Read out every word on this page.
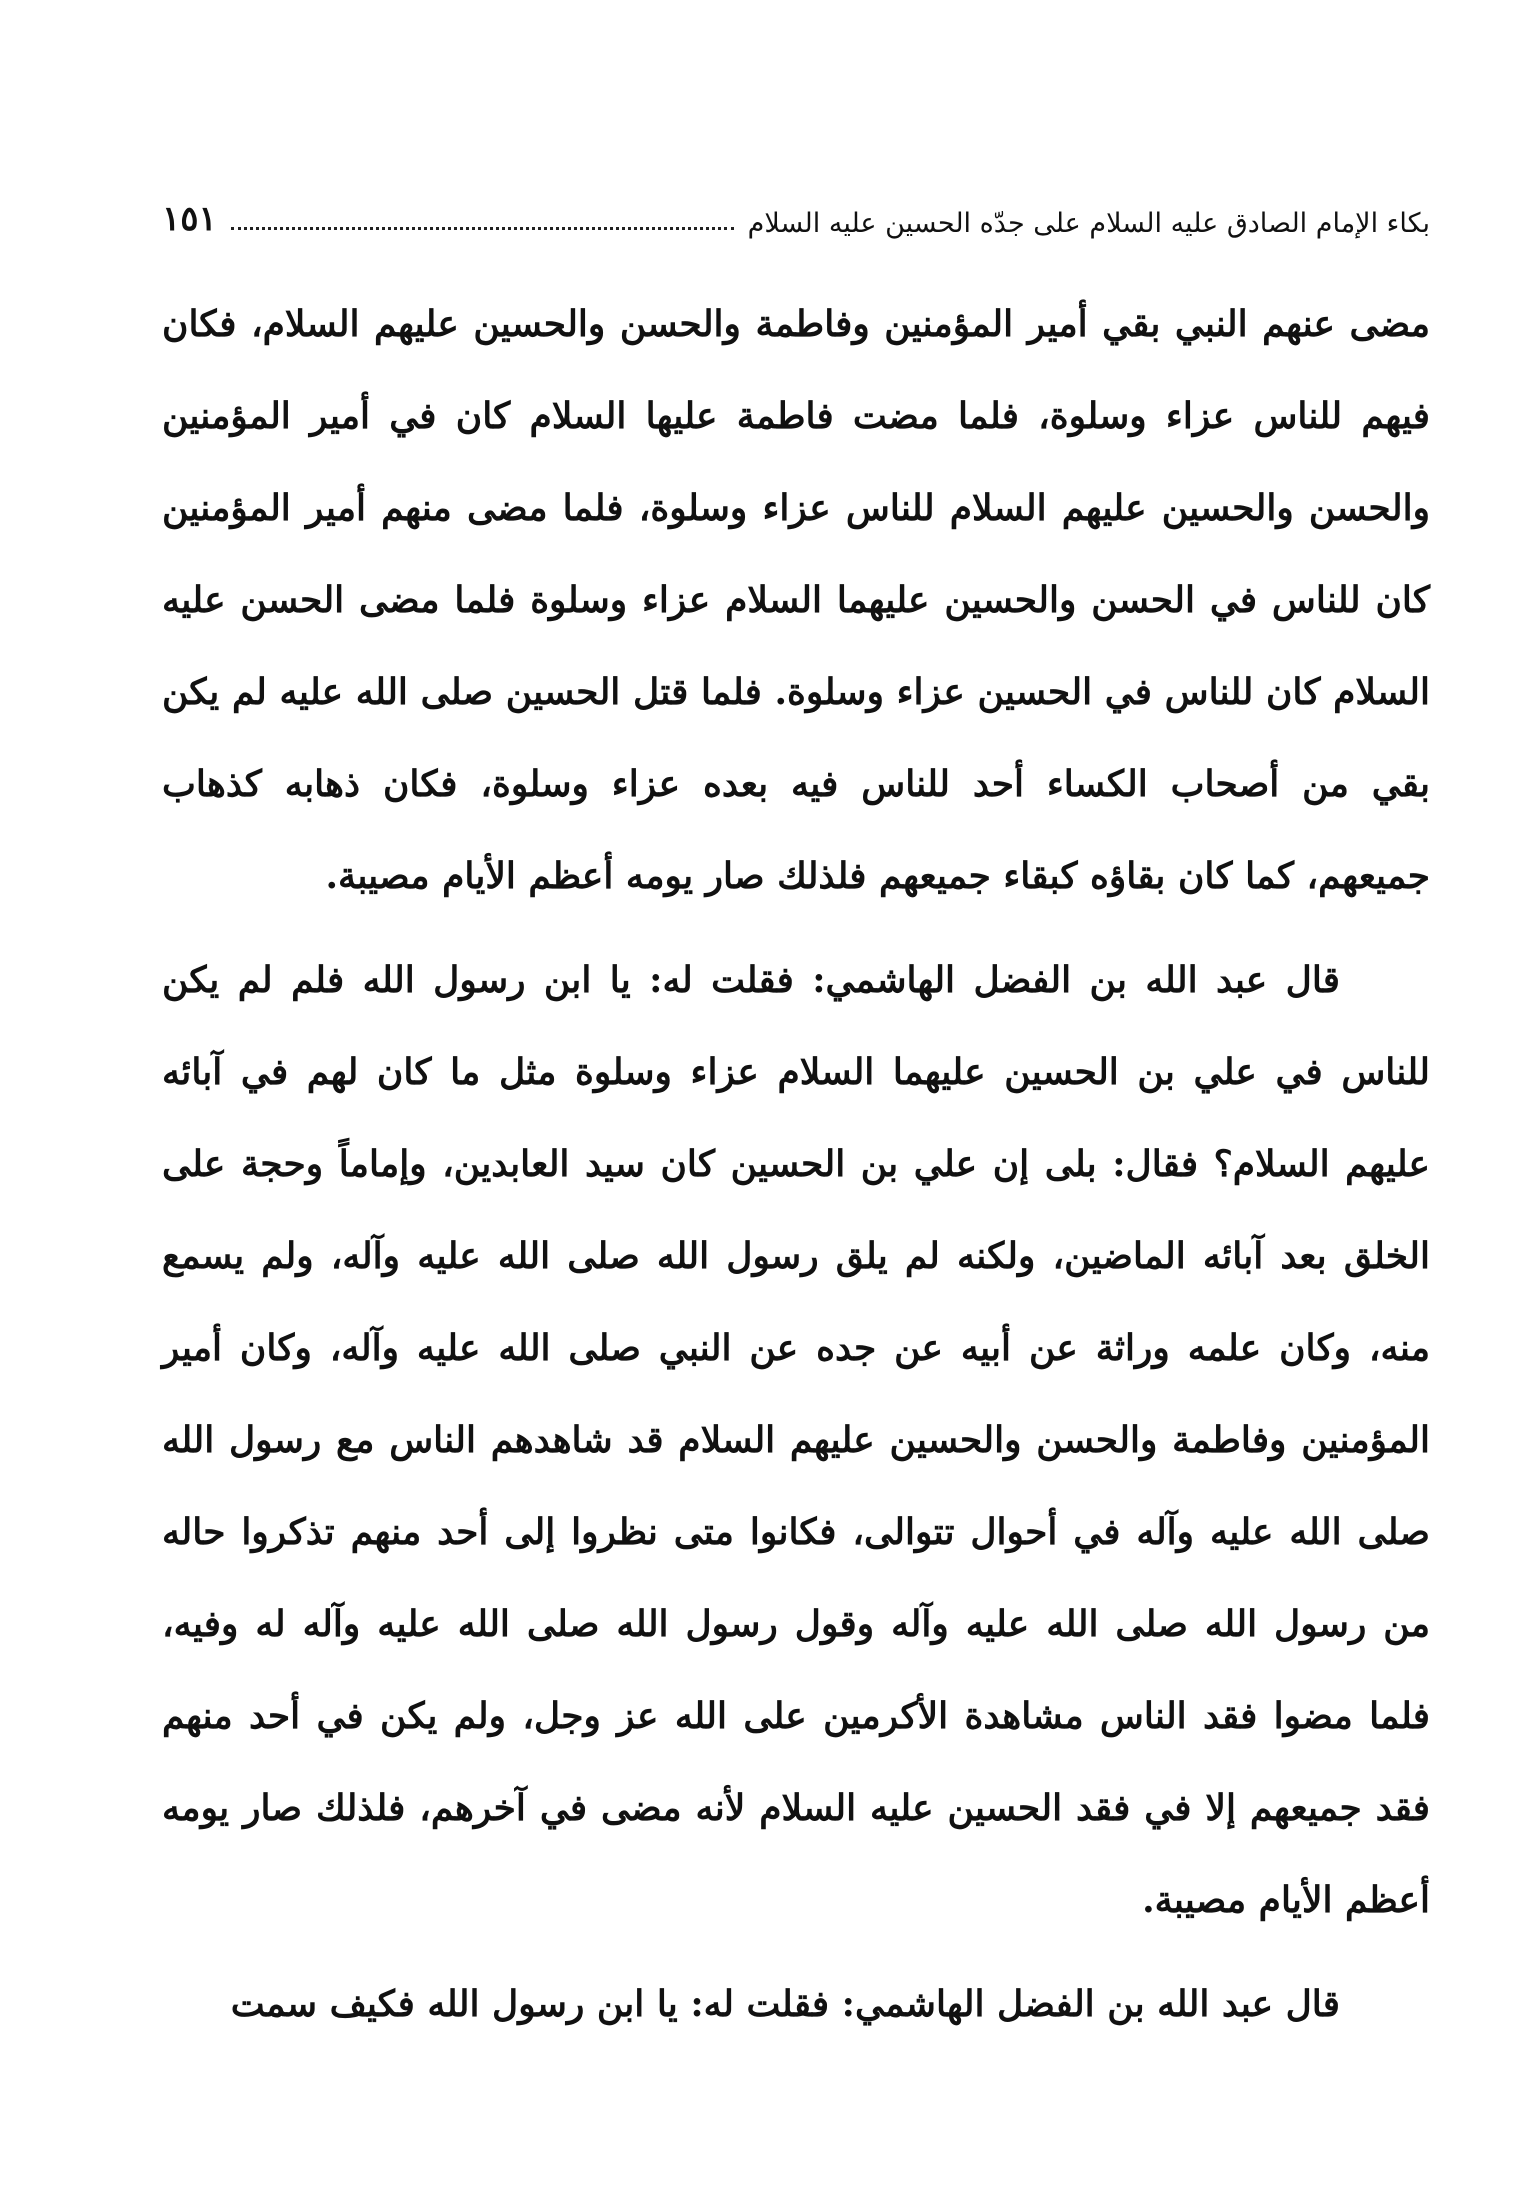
بكاء الإمام الصادق عليه السلام على جدّه الحسين عليه السلام
١٥١

مضى عنهم النبي بقي أمير المؤمنين وفاطمة والحسن والحسين عليهم السلام، فكان فيهم للناس عزاء وسلوة، فلما مضت فاطمة عليها السلام كان في أمير المؤمنين والحسن والحسين عليهم السلام للناس عزاء وسلوة، فلما مضى منهم أمير المؤمنين كان للناس في الحسن والحسين عليهما السلام عزاء وسلوة فلما مضى الحسن عليه السلام كان للناس في الحسين عزاء وسلوة. فلما قتل الحسين صلى الله عليه لم يكن بقي من أصحاب الكساء أحد للناس فيه بعده عزاء وسلوة، فكان ذهابه كذهاب جميعهم، كما كان بقاؤه كبقاء جميعهم فلذلك صار يومه أعظم الأيام مصيبة.

قال عبد الله بن الفضل الهاشمي: فقلت له: يا ابن رسول الله فلم لم يكن للناس في علي بن الحسين عليهما السلام عزاء وسلوة مثل ما كان لهم في آبائه عليهم السلام؟ فقال: بلى إن علي بن الحسين كان سيد العابدين، وإماماً وحجة على الخلق بعد آبائه الماضين، ولكنه لم يلق رسول الله صلى الله عليه وآله، ولم يسمع منه، وكان علمه وراثة عن أبيه عن جده عن النبي صلى الله عليه وآله، وكان أمير المؤمنين وفاطمة والحسن والحسين عليهم السلام قد شاهدهم الناس مع رسول الله صلى الله عليه وآله في أحوال تتوالى، فكانوا متى نظروا إلى أحد منهم تذكروا حاله من رسول الله صلى الله عليه وآله وقول رسول الله صلى الله عليه وآله له وفيه، فلما مضوا فقد الناس مشاهدة الأكرمين على الله عز وجل، ولم يكن في أحد منهم فقد جميعهم إلا في فقد الحسين عليه السلام لأنه مضى في آخرهم، فلذلك صار يومه أعظم الأيام مصيبة.

قال عبد الله بن الفضل الهاشمي: فقلت له: يا ابن رسول الله فكيف سمت
